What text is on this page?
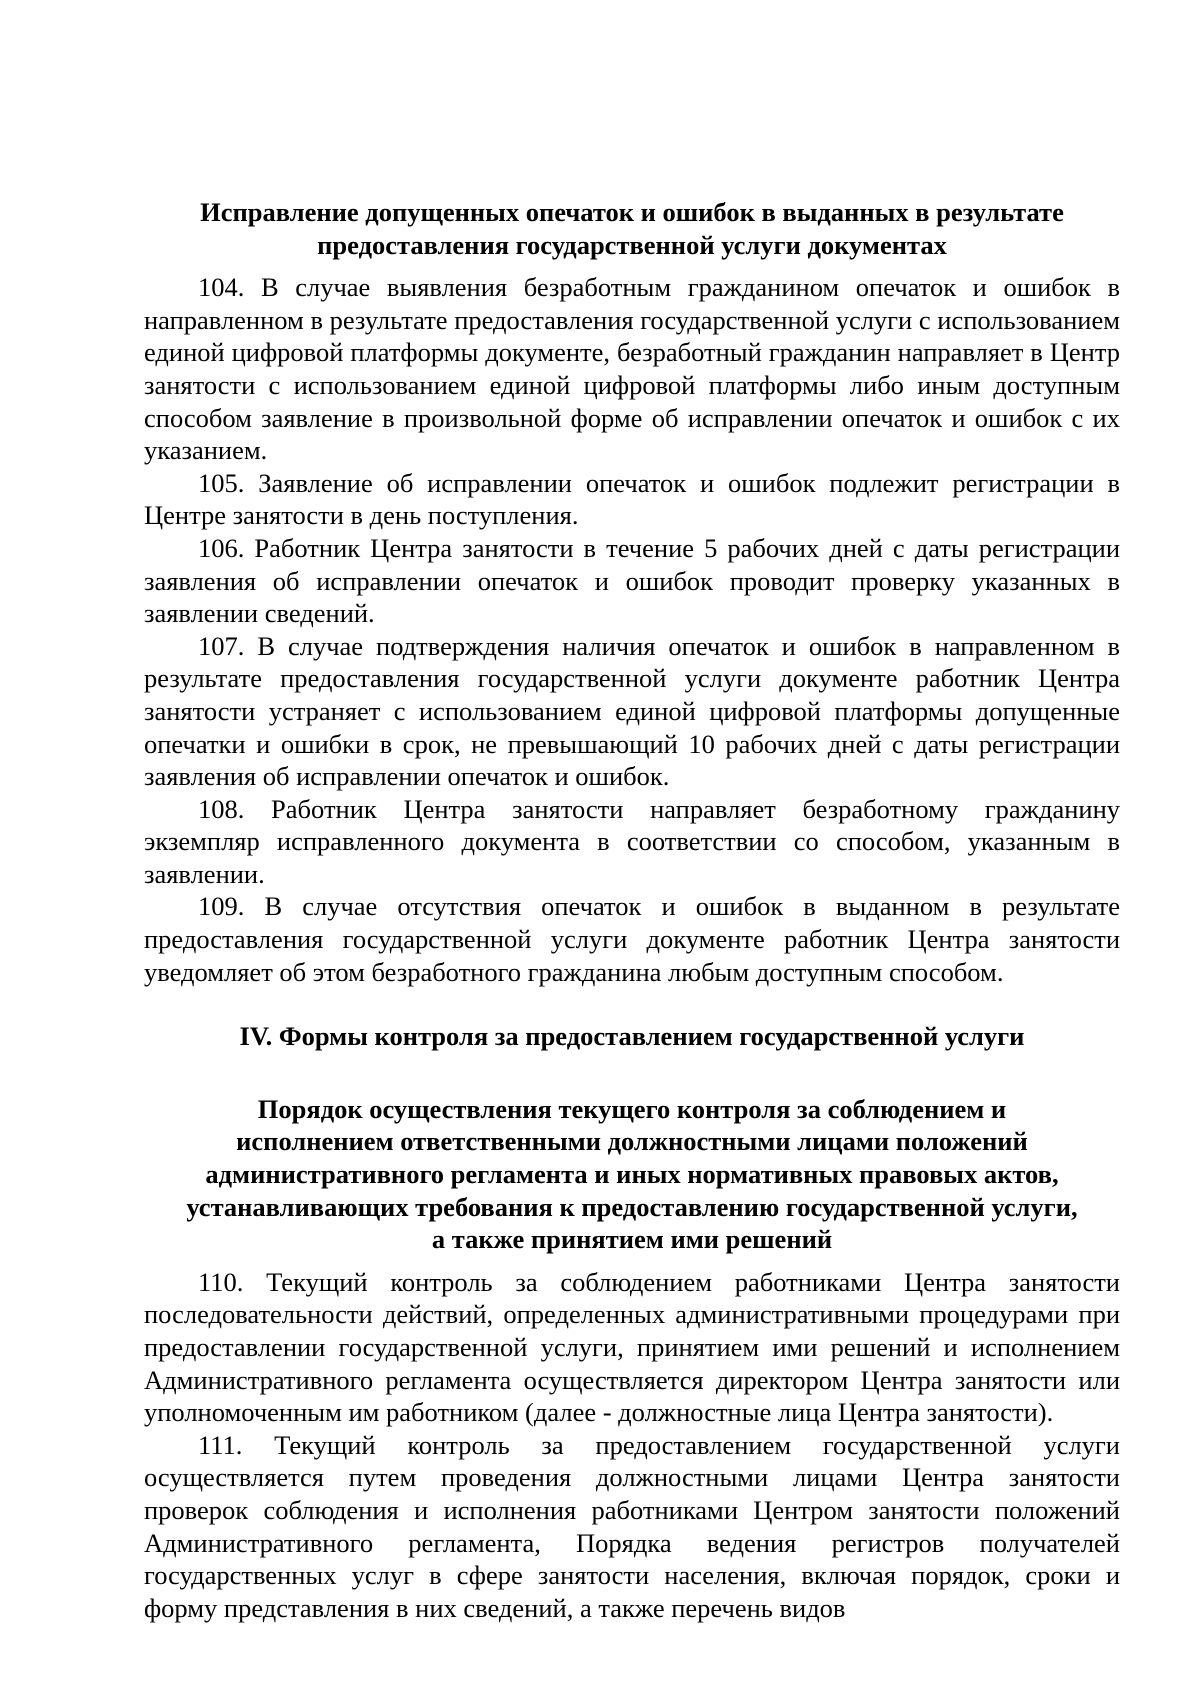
Исправление допущенных опечаток и ошибок в выданных в результате
предоставления государственной услуги документах

104. В случае выявления безработным гражданином опечаток и ошибок в направленном в результате предоставления государственной услуги с использованием единой цифровой платформы документе, безработный гражданин направляет в Центр занятости с использованием единой цифровой платформы либо иным доступным способом заявление в произвольной форме об исправлении опечаток и ошибок с их указанием.

105. Заявление об исправлении опечаток и ошибок подлежит регистрации в Центре занятости в день поступления.

106. Работник Центра занятости в течение 5 рабочих дней с даты регистрации заявления об исправлении опечаток и ошибок проводит проверку указанных в заявлении сведений.

107. В случае подтверждения наличия опечаток и ошибок в направленном в результате предоставления государственной услуги документе работник Центра занятости устраняет с использованием единой цифровой платформы допущенные опечатки и ошибки в срок, не превышающий 10 рабочих дней с даты регистрации заявления об исправлении опечаток и ошибок.

108. Работник Центра занятости направляет безработному гражданину экземпляр исправленного документа в соответствии со способом, указанным в заявлении.

109. В случае отсутствия опечаток и ошибок в выданном в результате предоставления государственной услуги документе работник Центра занятости уведомляет об этом безработного гражданина любым доступным способом.

IV. Формы контроля за предоставлением государственной услуги
Порядок осуществления текущего контроля за соблюдением и
исполнением ответственными должностными лицами положений
административного регламента и иных нормативных правовых актов,
устанавливающих требования к предоставлению государственной услуги,
а также принятием ими решений

110. Текущий контроль за соблюдением работниками Центра занятости последовательности действий, определенных административными процедурами при предоставлении государственной услуги, принятием ими решений и исполнением Административного регламента осуществляется директором Центра занятости или уполномоченным им работником (далее - должностные лица Центра занятости).

111. Текущий контроль за предоставлением государственной услуги осуществляется путем проведения должностными лицами Центра занятости проверок соблюдения и исполнения работниками Центром занятости положений Административного регламента, Порядка ведения регистров получателей государственных услуг в сфере занятости населения, включая порядок, сроки и форму представления в них сведений, а также перечень видов
